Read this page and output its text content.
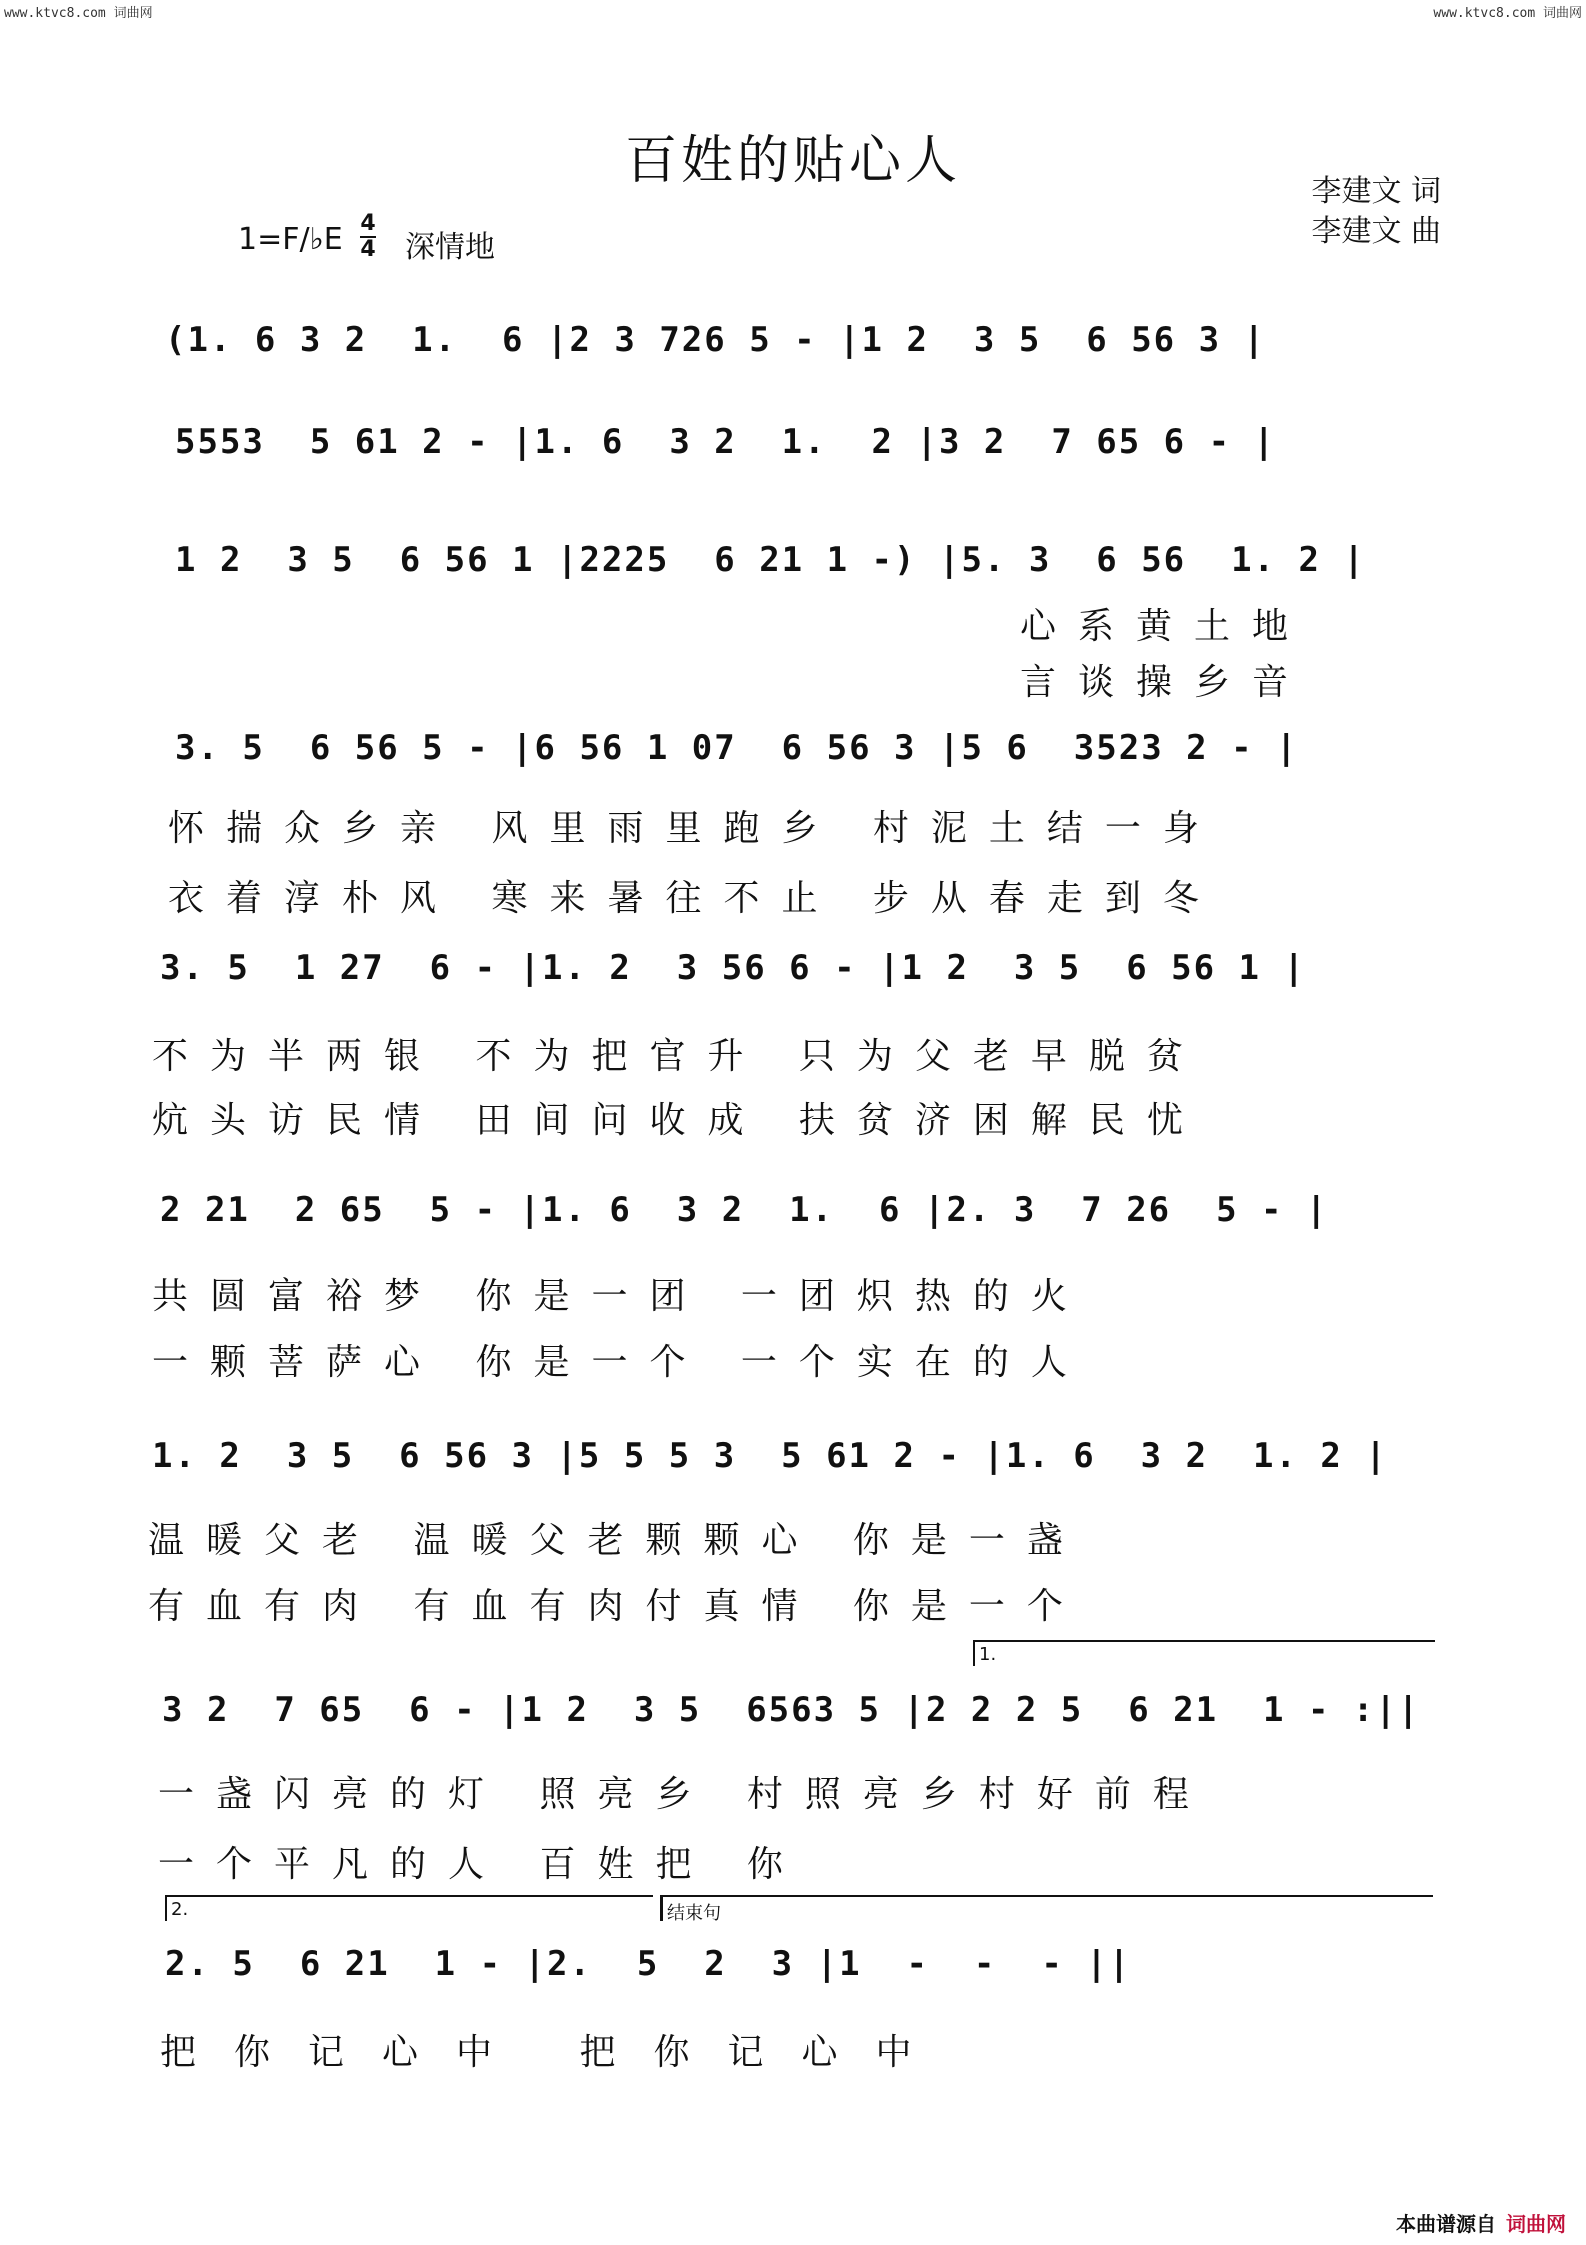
www.ktvc8.com 词曲网	www.ktvc8.com 词曲网
百姓的贴心人
李建文 词
李建文 曲
1=F/♭E 4
4 深情地
(1. 6 3 2  1.  6 |2 3 726 5 - |1 2  3 5  6 56 3 |
5553  5 61 2 - |1. 6  3 2  1.  2 |3 2  7 65 6 - |
1 2  3 5  6 56 1 |2225  6 21 1 -) |5. 3  6 56  1. 2 |
心系黄土地
言谈操乡音
3. 5  6 56 5 - |6 56 1 07  6 56 3 |5 6  3523 2 - |
怀揣众乡亲 风里雨里跑乡 村泥土结一身
衣着淳朴风 寒来暑往不止 步从春走到冬
3. 5  1 27  6 - |1. 2  3 56 6 - |1 2  3 5  6 56 1 |
不为半两银 不为把官升 只为父老早脱贫
炕头访民情 田间问收成 扶贫济困解民忧
2 21  2 65  5 - |1. 6  3 2  1.  6 |2. 3  7 26  5 - |
共圆富裕梦 你是一团 一团炽热的火
一颗菩萨心 你是一个 一个实在的人
1. 2  3 5  6 56 3 |5 5 5 3  5 61 2 - |1. 6  3 2  1. 2 |
温暖父老 温暖父老颗颗心 你是一盏
有血有肉 有血有肉付真情 你是一个
1.
3 2  7 65  6 - |1 2  3 5  6563 5 |2 2 2 5  6 21  1 - :||
一盏闪亮的灯 照亮乡 村照亮乡村好前程
一个平凡的人 百姓把 你
2.	结束句
2. 5  6 21  1 - |2.  5  2  3 |1  -  -  - ||
把你记心中 把你记心中
本曲谱源自 词曲网
